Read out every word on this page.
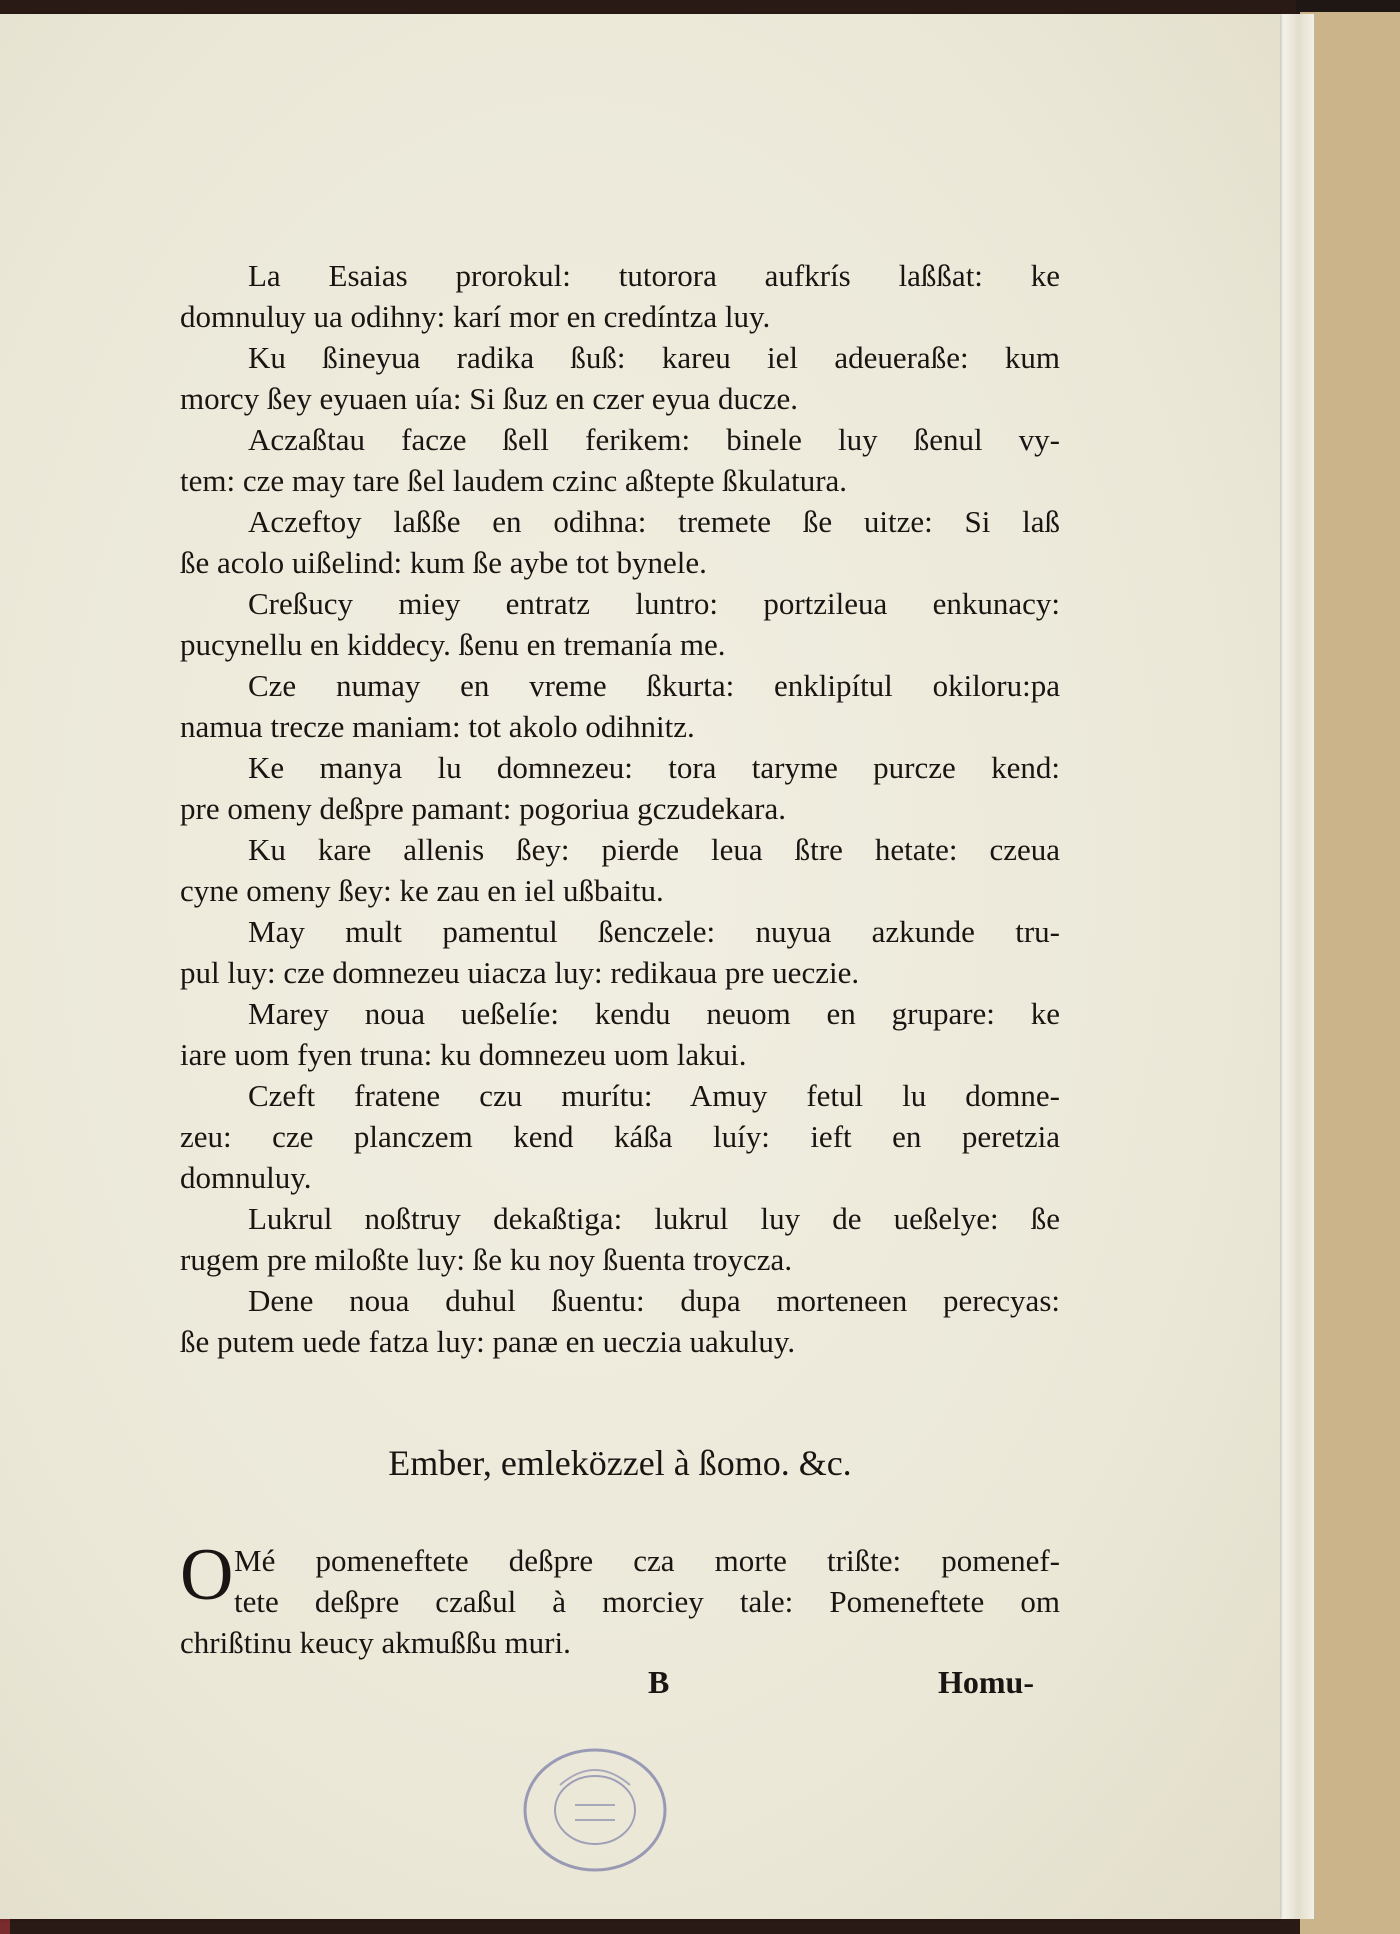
La Esaias prorokul: tutorora aufkrís laßßat: ke
domnuluy ua odihny: karí mor en credíntza luy.
Ku ßineyua radika ßuß: kareu iel adeueraße: kum
morcy ßey eyuaen uía: Si ßuz en czer eyua ducze.
Aczaßtau facze ßell ferikem: binele luy ßenul vy-
tem: cze may tare ßel laudem czinc aßtepte ßkulatura.
Aczeftoy laßße en odihna: tremete ße uitze: Si laß
ße acolo uißelind: kum ße aybe tot bynele.
Creßucy miey entratz luntro: portzileua enkunacy:
pucynellu en kiddecy. ßenu en tremanía me.
Cze numay en vreme ßkurta: enklipítul okiloru:pa
namua trecze maniam: tot akolo odihnitz.
Ke manya lu domnezeu: tora taryme purcze kend:
pre omeny deßpre pamant: pogoriua gczudekara.
Ku kare allenis ßey: pierde leua ßtre hetate: czeua
cyne omeny ßey: ke zau en iel ußbaitu.
May mult pamentul ßenczele: nuyua azkunde tru-
pul luy: cze domnezeu uiacza luy: redikaua pre ueczie.
Marey noua ueßelíe: kendu neuom en grupare: ke
iare uom fyen truna: ku domnezeu uom lakui.
Czeft fratene czu murítu: Amuy fetul lu domne-
zeu: cze planczem kend káßa luíy: ieft en peretzia
domnuluy.
Lukrul noßtruy dekaßtiga: lukrul luy de ueßelye: ße
rugem pre miloßte luy: ße ku noy ßuenta troycza.
Dene noua duhul ßuentu: dupa morteneen perecyas:
ße putem uede fatza luy: panæ en ueczia uakuluy.
Ember, emleközzel à ßomo. &c.
O Mé pomeneftete deßpre cza morte trißte: pomenef-
tete deßpre czaßul à morciey tale: Pomeneftete om
chrißtinu keucy akmußßu muri.
B	Homu-
